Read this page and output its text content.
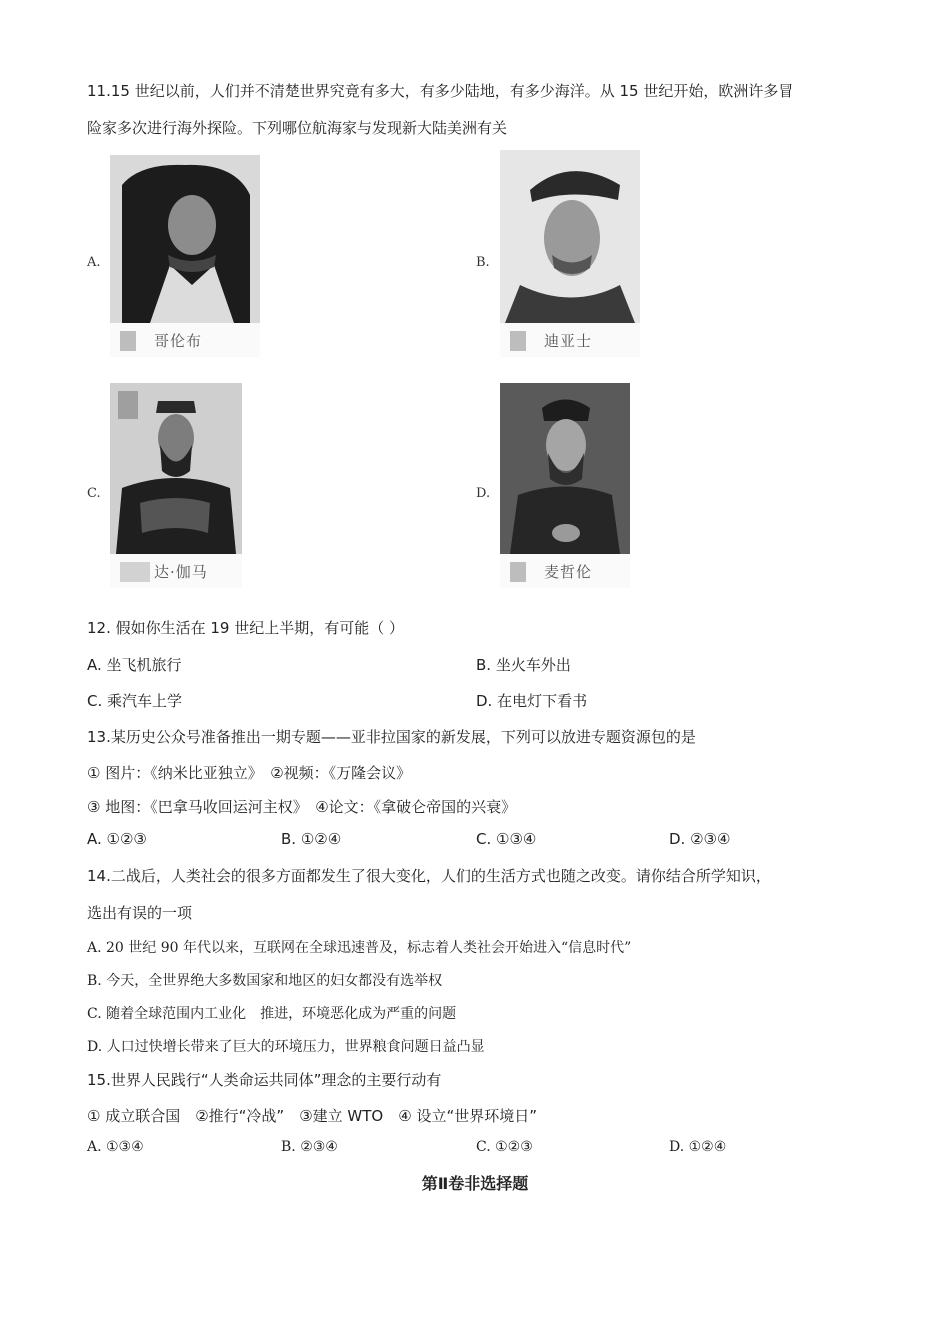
11.15 世纪以前，人们并不清楚世界究竟有多大，有多少陆地，有多少海洋。从 15 世纪开始，欧洲许多冒
险家多次进行海外探险。下列哪位航海家与发现新大陆美洲有关
A.
哥伦布
B.
迪亚士
C.
达·伽马
D.
麦哲伦
12. 假如你生活在 19 世纪上半期，有可能（ ）
A. 坐飞机旅行	B. 坐火车外出
C. 乘汽车上学	D. 在电灯下看书
13.某历史公众号准备推出一期专题——亚非拉国家的新发展，下列可以放进专题资源包的是
① 图片：《纳米比亚独立》　②视频：《万隆会议》
③ 地图：《巴拿马收回运河主权》　④论文：《拿破仑帝国的兴衰》
A. ①②③	B. ①②④	C. ①③④	D. ②③④
14.二战后，人类社会的很多方面都发生了很大变化，人们的生活方式也随之改变。请你结合所学知识，
选出有误的一项
A. 20 世纪 90 年代以来，互联网在全球迅速普及，标志着人类社会开始进入“信息时代”
B. 今天，全世界绝大多数国家和地区的妇女都没有选举权
C. 随着全球范围内工业化　推进，环境恶化成为严重的问题
D. 人口过快增长带来了巨大的环境压力，世界粮食问题日益凸显
15.世界人民践行“人类命运共同体”理念的主要行动有
① 成立联合国　②推行“冷战”　③建立 WTO　④ 设立“世界环境日”
A. ①③④	B. ②③④	C. ①②③	D. ①②④
第Ⅱ卷非选择题
